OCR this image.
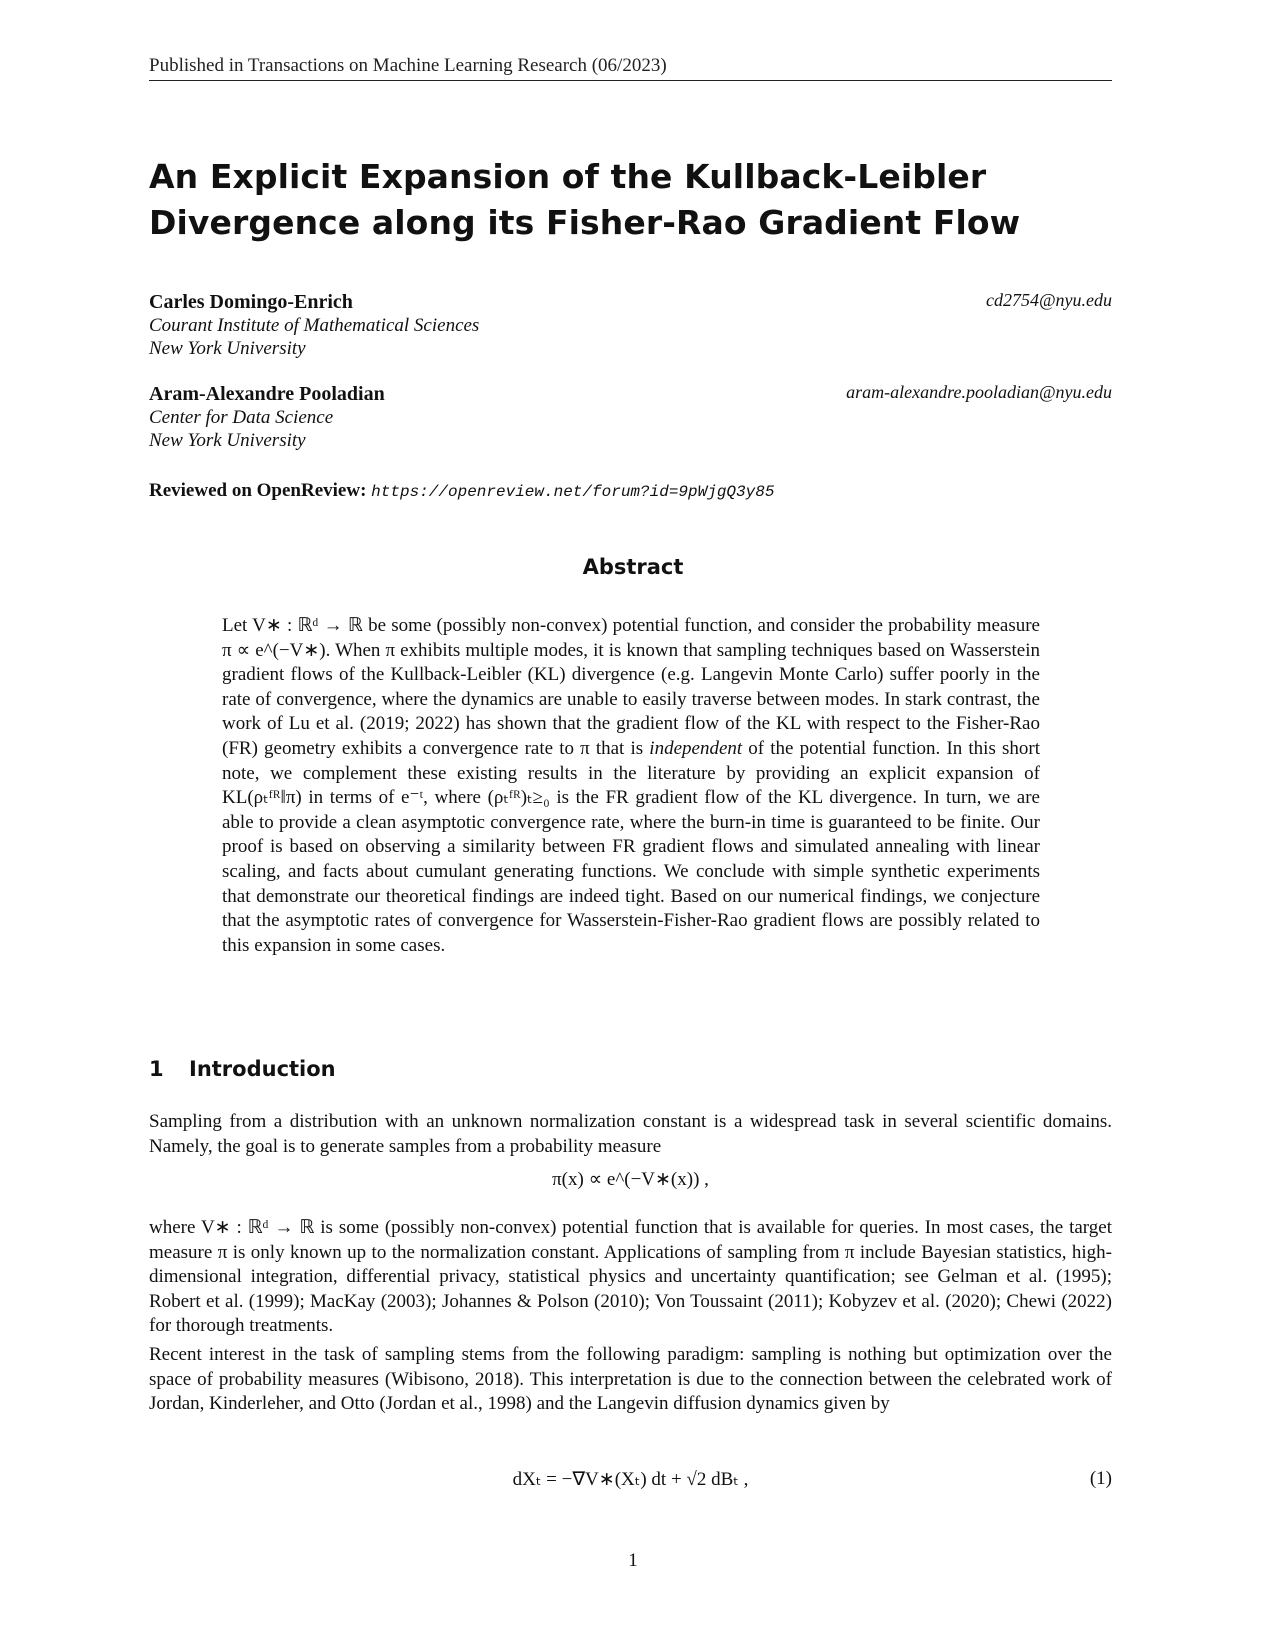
Published in Transactions on Machine Learning Research (06/2023)
An Explicit Expansion of the Kullback-Leibler Divergence along its Fisher-Rao Gradient Flow
Carles Domingo-Enrich	cd2754@nyu.edu
Courant Institute of Mathematical Sciences
New York University
Aram-Alexandre Pooladian	aram-alexandre.pooladian@nyu.edu
Center for Data Science
New York University
Reviewed on OpenReview: https://openreview.net/forum?id=9pWjgQ3y85
Abstract
Let V∗ : ℝᵈ → ℝ be some (possibly non-convex) potential function, and consider the probability measure π ∝ e^(−V∗). When π exhibits multiple modes, it is known that sampling techniques based on Wasserstein gradient flows of the Kullback-Leibler (KL) divergence (e.g. Langevin Monte Carlo) suffer poorly in the rate of convergence, where the dynamics are unable to easily traverse between modes. In stark contrast, the work of Lu et al. (2019; 2022) has shown that the gradient flow of the KL with respect to the Fisher-Rao (FR) geometry exhibits a convergence rate to π that is independent of the potential function. In this short note, we complement these existing results in the literature by providing an explicit expansion of KL(ρₜᶠᴿ‖π) in terms of e⁻ᵗ, where (ρₜᶠᴿ)ₜ≥₀ is the FR gradient flow of the KL divergence. In turn, we are able to provide a clean asymptotic convergence rate, where the burn-in time is guaranteed to be finite. Our proof is based on observing a similarity between FR gradient flows and simulated annealing with linear scaling, and facts about cumulant generating functions. We conclude with simple synthetic experiments that demonstrate our theoretical findings are indeed tight. Based on our numerical findings, we conjecture that the asymptotic rates of convergence for Wasserstein-Fisher-Rao gradient flows are possibly related to this expansion in some cases.
1 Introduction
Sampling from a distribution with an unknown normalization constant is a widespread task in several scientific domains. Namely, the goal is to generate samples from a probability measure
π(x) ∝ e^(−V∗(x)) ,
where V∗ : ℝᵈ → ℝ is some (possibly non-convex) potential function that is available for queries. In most cases, the target measure π is only known up to the normalization constant. Applications of sampling from π include Bayesian statistics, high-dimensional integration, differential privacy, statistical physics and uncertainty quantification; see Gelman et al. (1995); Robert et al. (1999); MacKay (2003); Johannes & Polson (2010); Von Toussaint (2011); Kobyzev et al. (2020); Chewi (2022) for thorough treatments.
Recent interest in the task of sampling stems from the following paradigm: sampling is nothing but optimization over the space of probability measures (Wibisono, 2018). This interpretation is due to the connection between the celebrated work of Jordan, Kinderleher, and Otto (Jordan et al., 1998) and the Langevin diffusion dynamics given by
dXₜ = −∇V∗(Xₜ) dt + √2 dBₜ ,	(1)
1
